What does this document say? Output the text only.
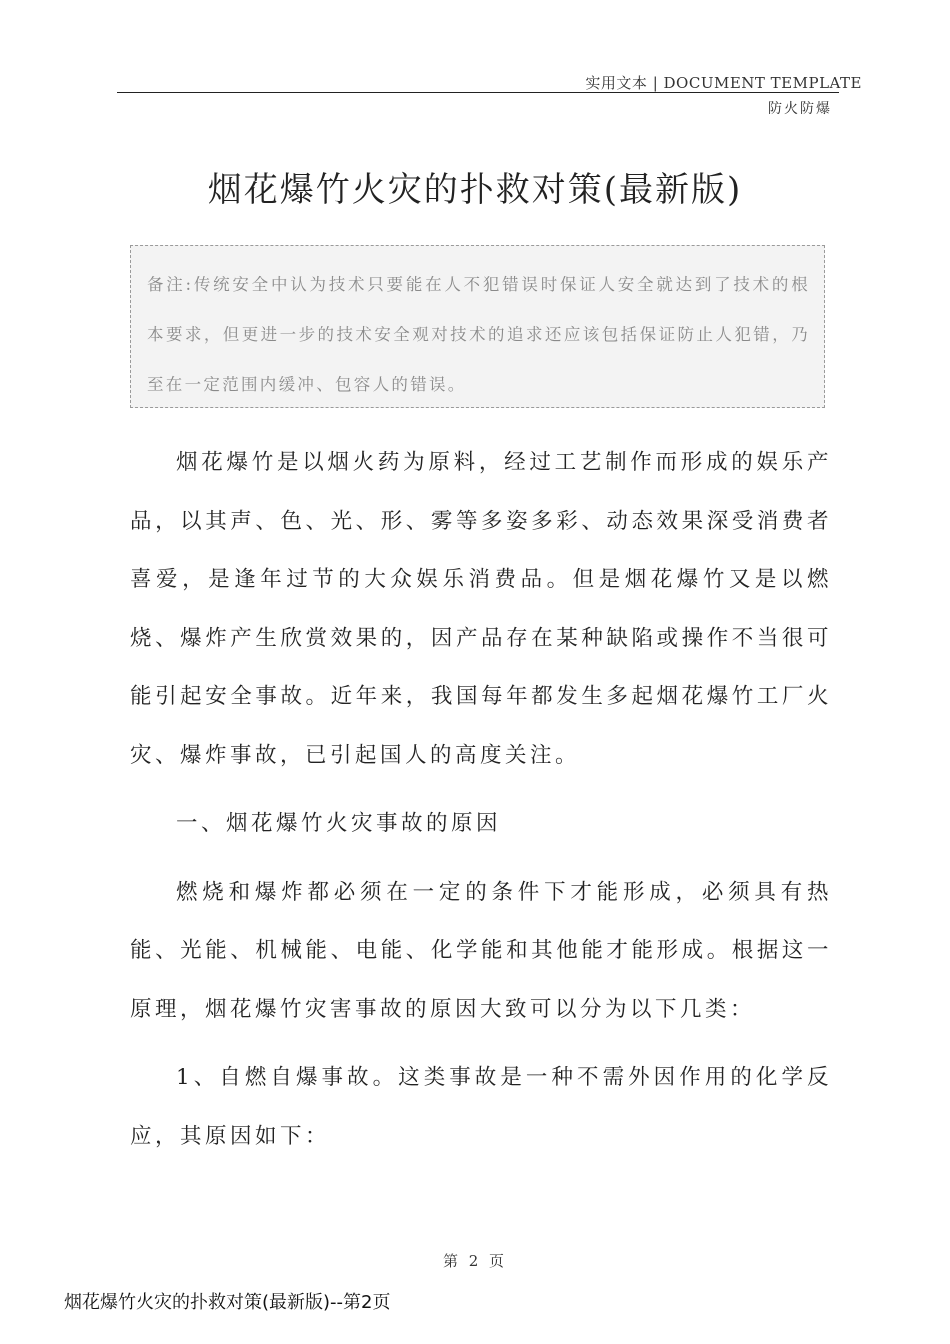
实用文本 | DOCUMENT TEMPLATE
防火防爆
烟花爆竹火灾的扑救对策(最新版)

备注:传统安全中认为技术只要能在人不犯错误时保证人安全就达到了技术的根本要求，但更进一步的技术安全观对技术的追求还应该包括保证防止人犯错，乃至在一定范围内缓冲、包容人的错误。

烟花爆竹是以烟火药为原料，经过工艺制作而形成的娱乐产品，以其声、色、光、形、雾等多姿多彩、动态效果深受消费者喜爱，是逢年过节的大众娱乐消费品。但是烟花爆竹又是以燃烧、爆炸产生欣赏效果的，因产品存在某种缺陷或操作不当很可能引起安全事故。近年来，我国每年都发生多起烟花爆竹工厂火灾、爆炸事故，已引起国人的高度关注。

一、烟花爆竹火灾事故的原因

燃烧和爆炸都必须在一定的条件下才能形成，必须具有热能、光能、机械能、电能、化学能和其他能才能形成。根据这一原理，烟花爆竹灾害事故的原因大致可以分为以下几类：

1、自燃自爆事故。这类事故是一种不需外因作用的化学反应，其原因如下：

第 2 页
烟花爆竹火灾的扑救对策(最新版)--第2页
